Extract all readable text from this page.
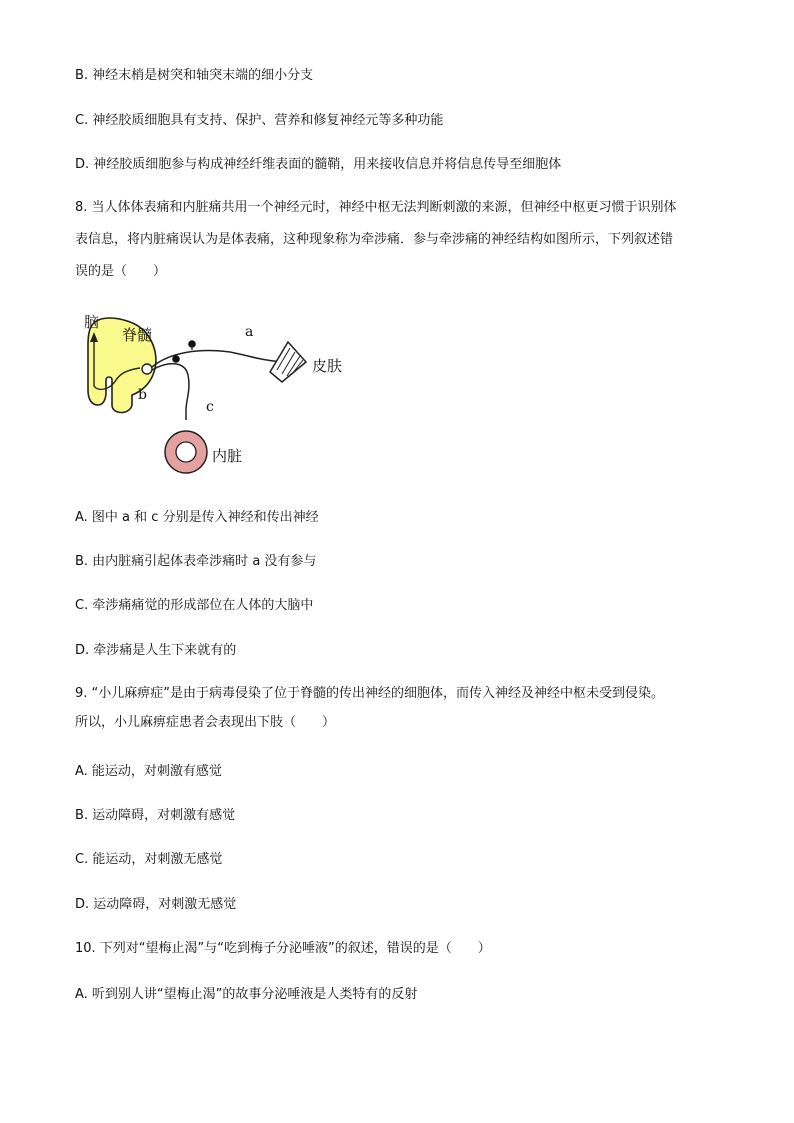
B. 神经末梢是树突和轴突末端的细小分支
C. 神经胶质细胞具有支持、保护、营养和修复神经元等多种功能
D. 神经胶质细胞参与构成神经纤维表面的髓鞘，用来接收信息并将信息传导至细胞体
8. 当人体体表痛和内脏痛共用一个神经元时，神经中枢无法判断刺激的来源，但神经中枢更习惯于识别体
表信息，将内脏痛误认为是体表痛，这种现象称为牵涉痛．参与牵涉痛的神经结构如图所示，下列叙述错
误的是（　　）
脑
脊髓	a
b
c
皮肤
内脏
A. 图中 a 和 c 分别是传入神经和传出神经
B. 由内脏痛引起体表牵涉痛时 a 没有参与
C. 牵涉痛痛觉的形成部位在人体的大脑中
D. 牵涉痛是人生下来就有的
9. “小儿麻痹症”是由于病毒侵染了位于脊髓的传出神经的细胞体，而传入神经及神经中枢未受到侵染。
所以，小儿麻痹症患者会表现出下肢（　　）
A. 能运动，对刺激有感觉
B. 运动障碍，对刺激有感觉
C. 能运动，对刺激无感觉
D. 运动障碍，对刺激无感觉
10. 下列对“望梅止渴”与“吃到梅子分泌唾液”的叙述，错误的是（　　）
A. 听到别人讲“望梅止渴”的故事分泌唾液是人类特有的反射
